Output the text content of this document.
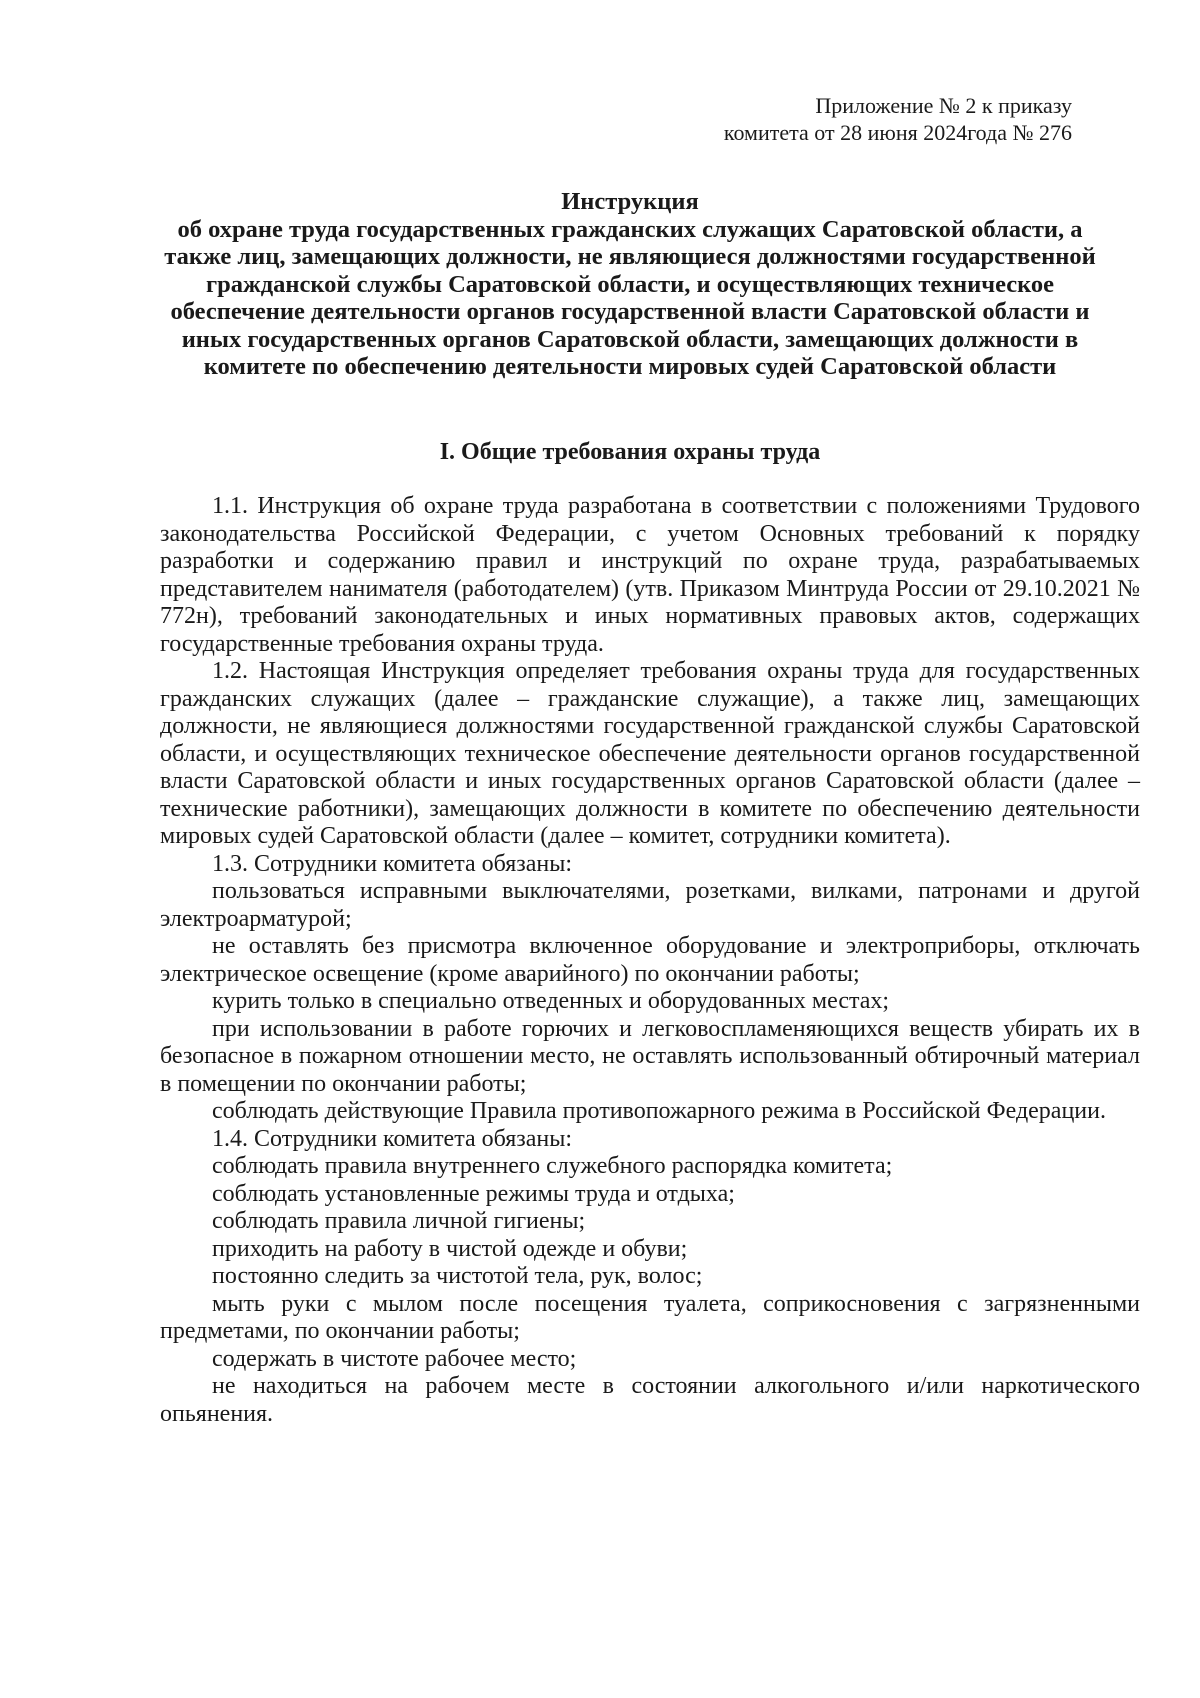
Приложение № 2 к приказу
комитета от 28 июня 2024года № 276
Инструкция
об охране труда государственных гражданских служащих Саратовской области, а также лиц, замещающих должности, не являющиеся должностями государственной гражданской службы Саратовской области, и осуществляющих техническое обеспечение деятельности органов государственной власти Саратовской области и иных государственных органов Саратовской области, замещающих должности в комитете по обеспечению деятельности мировых судей Саратовской области
I. Общие требования охраны труда

1.1. Инструкция об охране труда разработана в соответствии с положениями Трудового законодательства Российской Федерации, с учетом Основных требований к порядку разработки и содержанию правил и инструкций по охране труда, разрабатываемых представителем нанимателя (работодателем) (утв. Приказом Минтруда России от 29.10.2021 № 772н), требований законодательных и иных нормативных правовых актов, содержащих государственные требования охраны труда.

1.2. Настоящая Инструкция определяет требования охраны труда для государственных гражданских служащих (далее – гражданские служащие), а также лиц, замещающих должности, не являющиеся должностями государственной гражданской службы Саратовской области, и осуществляющих техническое обеспечение деятельности органов государственной власти Саратовской области и иных государственных органов Саратовской области (далее – технические работники), замещающих должности в комитете по обеспечению деятельности мировых судей Саратовской области (далее – комитет, сотрудники комитета).

1.3. Сотрудники комитета обязаны:

пользоваться исправными выключателями, розетками, вилками, патронами и другой электроарматурой;

не оставлять без присмотра включенное оборудование и электроприборы, отключать электрическое освещение (кроме аварийного) по окончании работы;

курить только в специально отведенных и оборудованных местах;

при использовании в работе горючих и легковоспламеняющихся веществ убирать их в безопасное в пожарном отношении место, не оставлять использованный обтирочный материал в помещении по окончании работы;

соблюдать действующие Правила противопожарного режима в Российской Федерации.

1.4. Сотрудники комитета обязаны:

соблюдать правила внутреннего служебного распорядка комитета;

соблюдать установленные режимы труда и отдыха;

соблюдать правила личной гигиены;

приходить на работу в чистой одежде и обуви;

постоянно следить за чистотой тела, рук, волос;

мыть руки с мылом после посещения туалета, соприкосновения с загрязненными предметами, по окончании работы;

содержать в чистоте рабочее место;

не находиться на рабочем месте в состоянии алкогольного и/или наркотического опьянения.
